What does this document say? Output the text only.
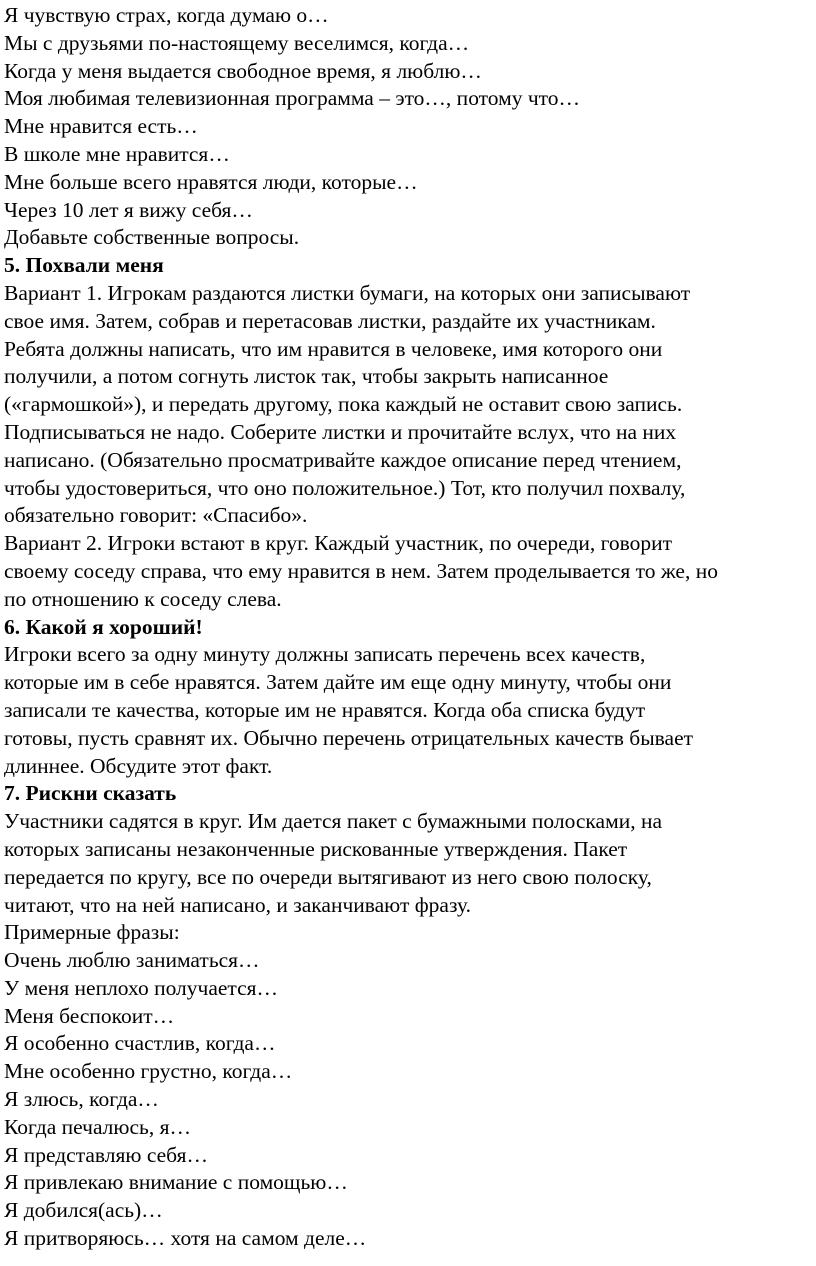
Я чувствую страх, когда думаю о…

Мы с друзьями по-настоящему веселимся, когда…

Когда у меня выдается свободное время, я люблю…

Моя любимая телевизионная программа – это…, потому что…

Мне нравится есть…

В школе мне нравится…

Мне больше всего нравятся люди, которые…

Через 10 лет я вижу себя…

Добавьте собственные вопросы.

5. Похвали меня

Вариант 1. Игрокам раздаются листки бумаги, на которых они записывают

свое имя. Затем, собрав и перетасовав листки, раздайте их участникам.

Ребята должны написать, что им нравится в человеке, имя которого они

получили, а потом согнуть листок так, чтобы закрыть написанное

(«гармошкой»), и передать другому, пока каждый не оставит свою запись.

Подписываться не надо. Соберите листки и прочитайте вслух, что на них

написано. (Обязательно просматривайте каждое описание перед чтением,

чтобы удостовериться, что оно положительное.) Тот, кто получил похвалу,

обязательно говорит: «Спасибо».

Вариант 2. Игроки встают в круг. Каждый участник, по очереди, говорит

своему соседу справа, что ему нравится в нем. Затем проделывается то же, но

по отношению к соседу слева.

6. Какой я хороший!

Игроки всего за одну минуту должны записать перечень всех качеств,

которые им в себе нравятся. Затем дайте им еще одну минуту, чтобы они

записали те качества, которые им не нравятся. Когда оба списка будут

готовы, пусть сравнят их. Обычно перечень отрицательных качеств бывает

длиннее. Обсудите этот факт.

7. Рискни сказать

Участники садятся в круг. Им дается пакет с бумажными полосками, на

которых записаны незаконченные рискованные утверждения. Пакет

передается по кругу, все по очереди вытягивают из него свою полоску,

читают, что на ней написано, и заканчивают фразу.

Примерные фразы:

Очень люблю заниматься…

У меня неплохо получается…

Меня беспокоит…

Я особенно счастлив, когда…

Мне особенно грустно, когда…

Я злюсь, когда…

Когда печалюсь, я…

Я представляю себя…

Я привлекаю внимание с помощью…

Я добился(ась)…

Я притворяюсь… хотя на самом деле…
